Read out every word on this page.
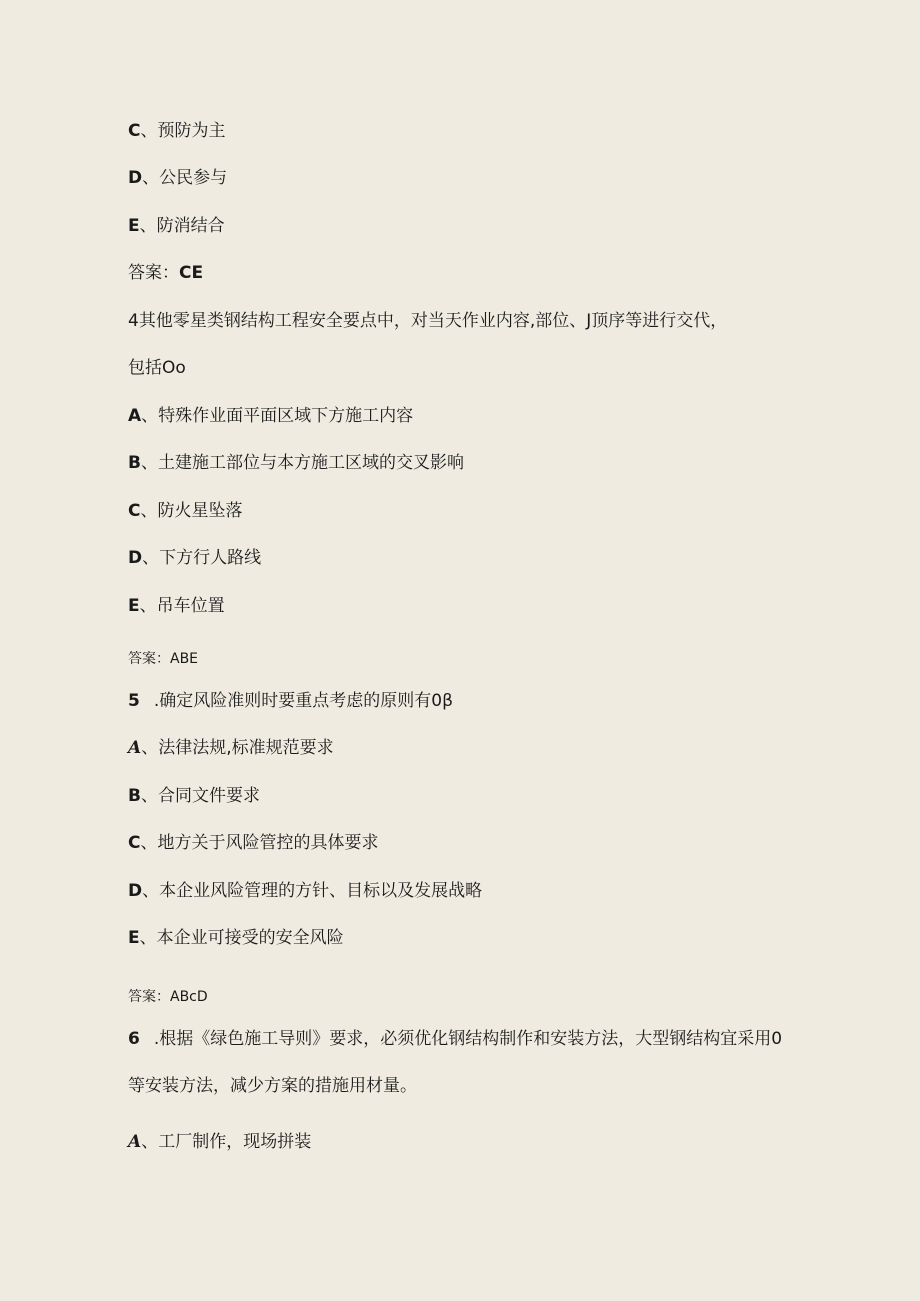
C、预防为主
D、公民参与
E、防消结合
答案：CE
4其他零星类钢结构工程安全要点中，对当天作业内容,部位、J顶序等进行交代，
包括Oo
A、特殊作业面平面区域下方施工内容
B、土建施工部位与本方施工区域的交叉影响
C、防火星坠落
D、下方行人路线
E、吊车位置
答案：ABE
5 .确定风险准则时要重点考虑的原则有0β
A、法律法规,标准规范要求
B、合同文件要求
C、地方关于风险管控的具体要求
D、本企业风险管理的方针、目标以及发展战略
E、本企业可接受的安全风险
答案：ABcD
6 .根据《绿色施工导则》要求，必须优化钢结构制作和安装方法，大型钢结构宜采用0
等安装方法，减少方案的措施用材量。
A、工厂制作，现场拼装
